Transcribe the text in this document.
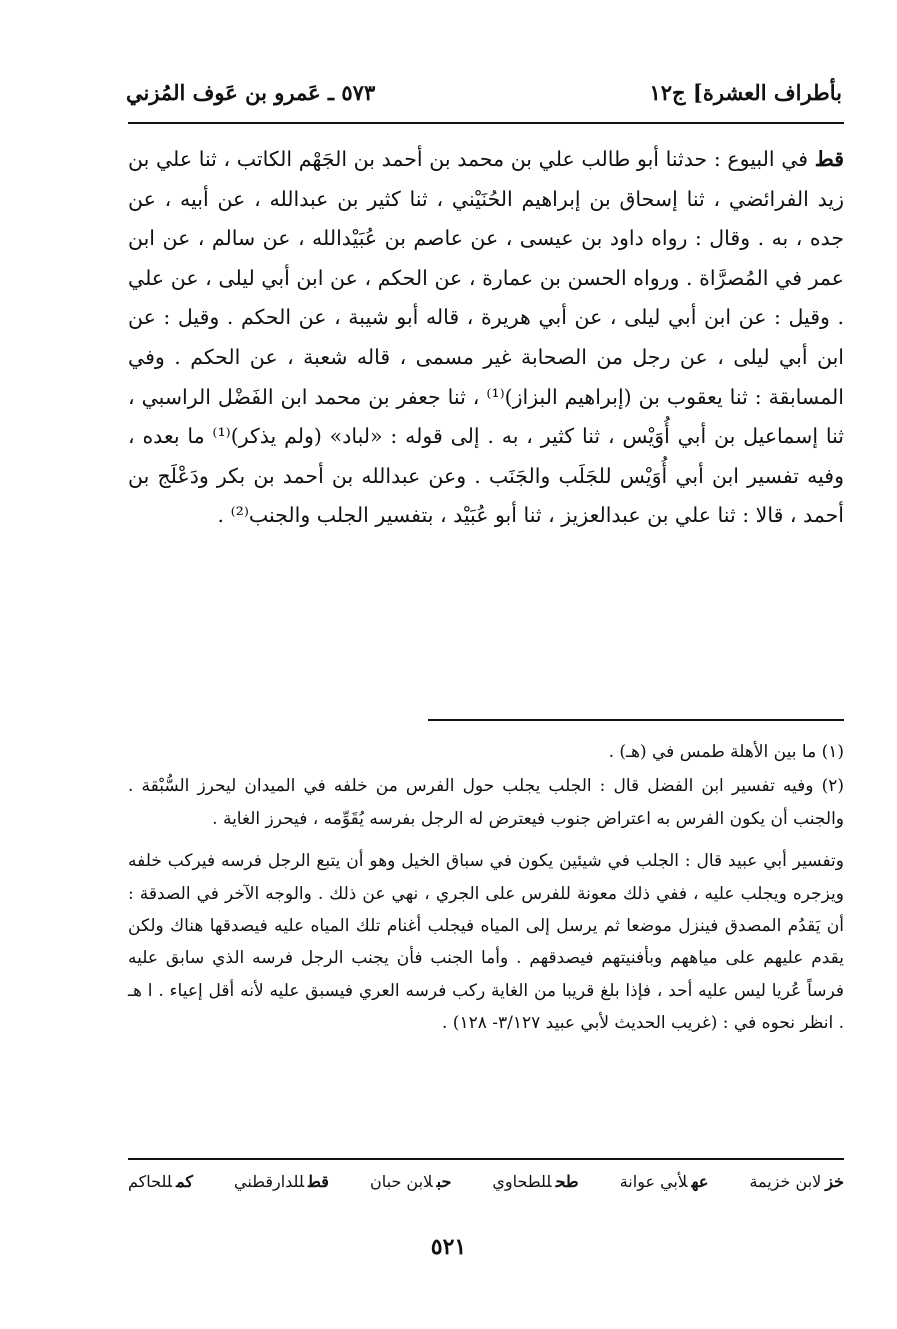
بأطراف العشرة] ج١٢
٥٧٣ ـ عَمرو بن عَوف المُزني
قط في البيوع : حدثنا أبو طالب علي بن محمد بن أحمد بن الجَهْم الكاتب ، ثنا علي بن زيد الفرائضي ، ثنا إسحاق بن إبراهيم الحُنَيْني ، ثنا كثير بن عبدالله ، عن أبيه ، عن جده ، به . وقال : رواه داود بن عيسى ، عن عاصم بن عُبَيْدالله ، عن سالم ، عن ابن عمر في المُصرَّاة . ورواه الحسن بن عمارة ، عن الحكم ، عن ابن أبي ليلى ، عن علي . وقيل : عن ابن أبي ليلى ، عن أبي هريرة ، قاله أبو شيبة ، عن الحكم . وقيل : عن ابن أبي ليلى ، عن رجل من الصحابة غير مسمى ، قاله شعبة ، عن الحكم . وفي المسابقة : ثنا يعقوب بن (إبراهيم البزاز)⁽¹⁾ ، ثنا جعفر بن محمد ابن الفَضْل الراسبي ، ثنا إسماعيل بن أبي أُوَيْس ، ثنا كثير ، به . إلى قوله : «لباد» (ولم يذكر)⁽¹⁾ ما بعده ، وفيه تفسير ابن أبي أُوَيْس للجَلَب والجَنَب . وعن عبدالله بن أحمد بن بكر ودَعْلَج بن أحمد ، قالا : ثنا علي بن عبدالعزيز ، ثنا أبو عُبَيْد ، بتفسير الجلب والجنب⁽²⁾ .

(١) ما بين الأهلة طمس في (هـ) .

(٢) وفيه تفسير ابن الفضل قال : الجلب يجلب حول الفرس من خلفه في الميدان ليحرز السُّبْقة . والجنب أن يكون الفرس به اعتراض جنوب فيعترض له الرجل بفرسه يُقَوِّمه ، فيحرز الغاية .

وتفسير أبي عبيد قال : الجلب في شيئين يكون في سباق الخيل وهو أن يتبع الرجل فرسه فيركب خلفه ويزجره ويجلب عليه ، ففي ذلك معونة للفرس على الجري ، نهي عن ذلك . والوجه الآخر في الصدقة : أن يَقدُم المصدق فينزل موضعا ثم يرسل إلى المياه فيجلب أغنام تلك المياه عليه فيصدقها هناك ولكن يقدم عليهم على مياههم وبأفنيتهم فيصدقهم . وأما الجنب فأن يجنب الرجل فرسه الذي سابق عليه فرساً عُريا ليس عليه أحد ، فإذا بلغ قريبا من الغاية ركب فرسه العري فيسبق عليه لأنه أقل إعياء . ا هـ . انظر نحوه في : (غريب الحديث لأبي عبيد ٣/١٢٧- ١٢٨) .

خزلابن خزيمة
عهلأبي عوانة
طحللطحاوي
حبلابن حبان
قطللدارقطني
كمللحاكم
٥٢١
